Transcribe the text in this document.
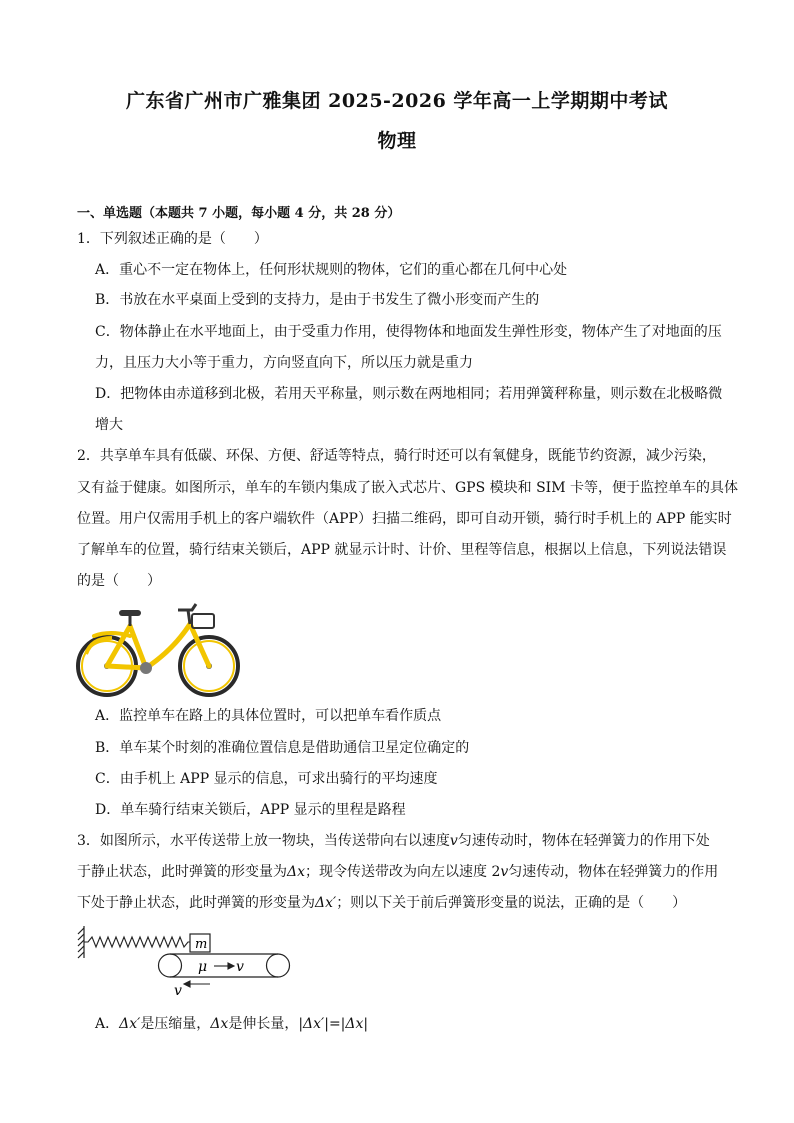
广东省广州市广雅集团 2025-2026 学年高一上学期期中考试
物理
一、单选题（本题共 7 小题，每小题 4 分，共 28 分）
1．下列叙述正确的是（　　）
A．重心不一定在物体上，任何形状规则的物体，它们的重心都在几何中心处
B．书放在水平桌面上受到的支持力，是由于书发生了微小形变而产生的
C．物体静止在水平地面上，由于受重力作用，使得物体和地面发生弹性形变，物体产生了对地面的压
力，且压力大小等于重力，方向竖直向下，所以压力就是重力
D．把物体由赤道移到北极，若用天平称量，则示数在两地相同；若用弹簧秤称量，则示数在北极略微
增大
2．共享单车具有低碳、环保、方便、舒适等特点，骑行时还可以有氧健身，既能节约资源，减少污染，
又有益于健康。如图所示，单车的车锁内集成了嵌入式芯片、GPS 模块和 SIM 卡等，便于监控单车的具体
位置。用户仅需用手机上的客户端软件（APP）扫描二维码，即可自动开锁，骑行时手机上的 APP 能实时
了解单车的位置，骑行结束关锁后，APP 就显示计时、计价、里程等信息，根据以上信息，下列说法错误
的是（　　）
A．监控单车在路上的具体位置时，可以把单车看作质点
B．单车某个时刻的准确位置信息是借助通信卫星定位确定的
C．由手机上 APP 显示的信息，可求出骑行的平均速度
D．单车骑行结束关锁后，APP 显示的里程是路程
3．如图所示，水平传送带上放一物块，当传送带向右以速度v匀速传动时，物体在轻弹簧力的作用下处
于静止状态，此时弹簧的形变量为Δx；现令传送带改为向左以速度 2v匀速传动，物体在轻弹簧力的作用
下处于静止状态，此时弹簧的形变量为Δx′；则以下关于前后弹簧形变量的说法，正确的是（　　）
m
μ v
v
A．Δx′是压缩量，Δx是伸长量，|Δx′|=|Δx|
